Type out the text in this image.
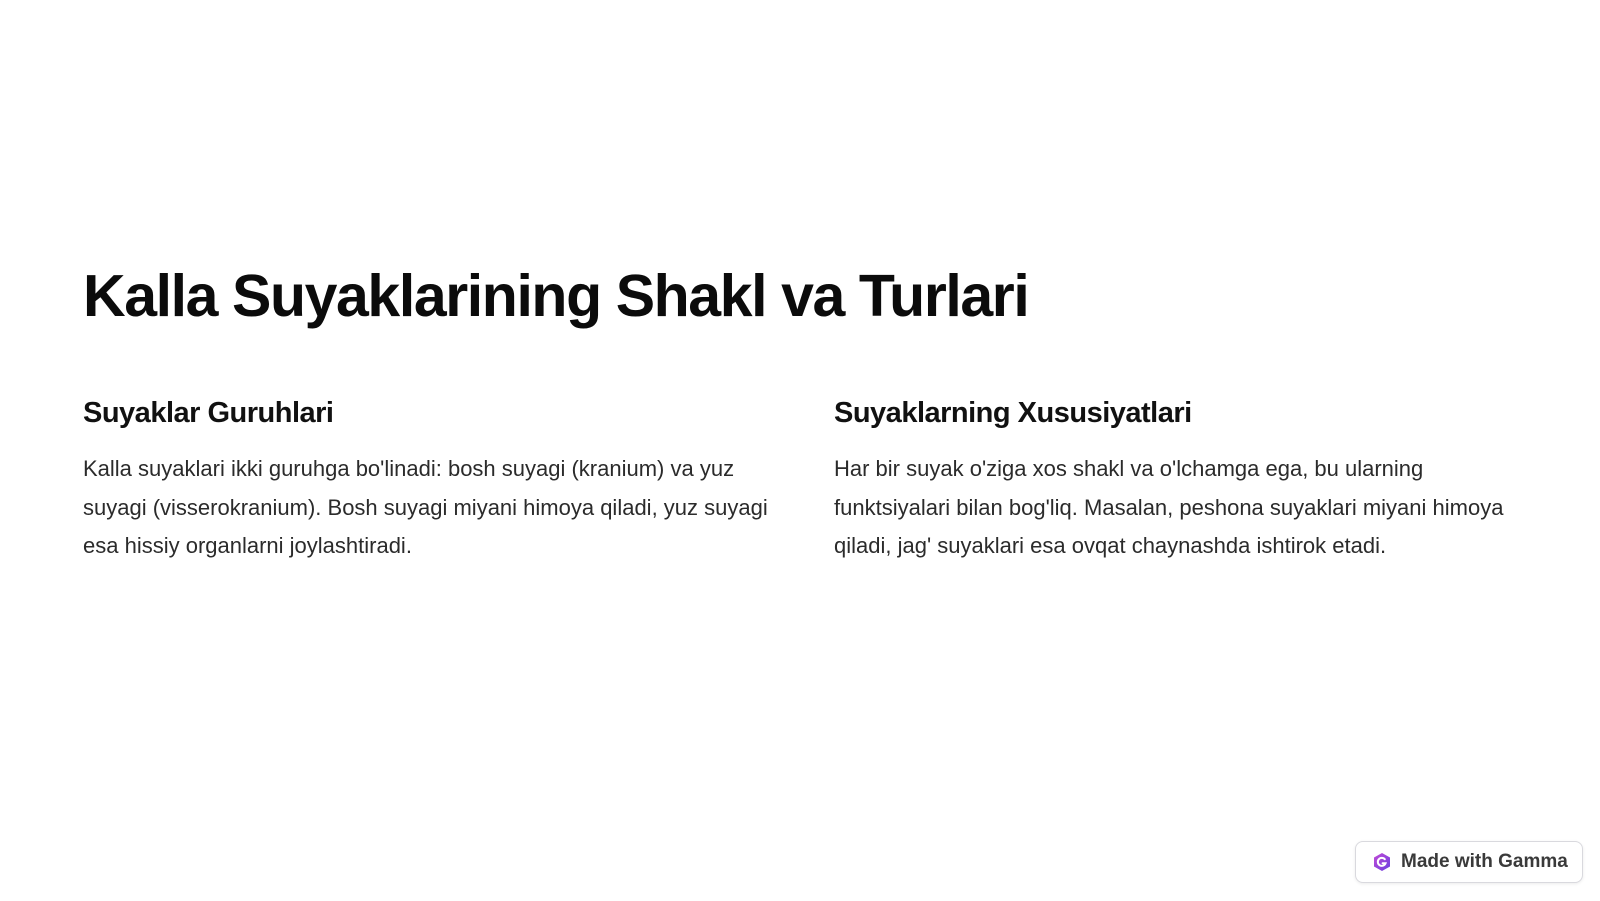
Kalla Suyaklarining Shakl va Turlari
Suyaklar Guruhlari

Kalla suyaklari ikki guruhga bo'linadi: bosh suyagi (kranium) va yuz suyagi (visserokranium). Bosh suyagi miyani himoya qiladi, yuz suyagi esa hissiy organlarni joylashtiradi.

Suyaklarning Xususiyatlari

Har bir suyak o'ziga xos shakl va o'lchamga ega, bu ularning funktsiyalari bilan bog'liq. Masalan, peshona suyaklari miyani himoya qiladi, jag' suyaklari esa ovqat chaynashda ishtirok etadi.

Made with Gamma
